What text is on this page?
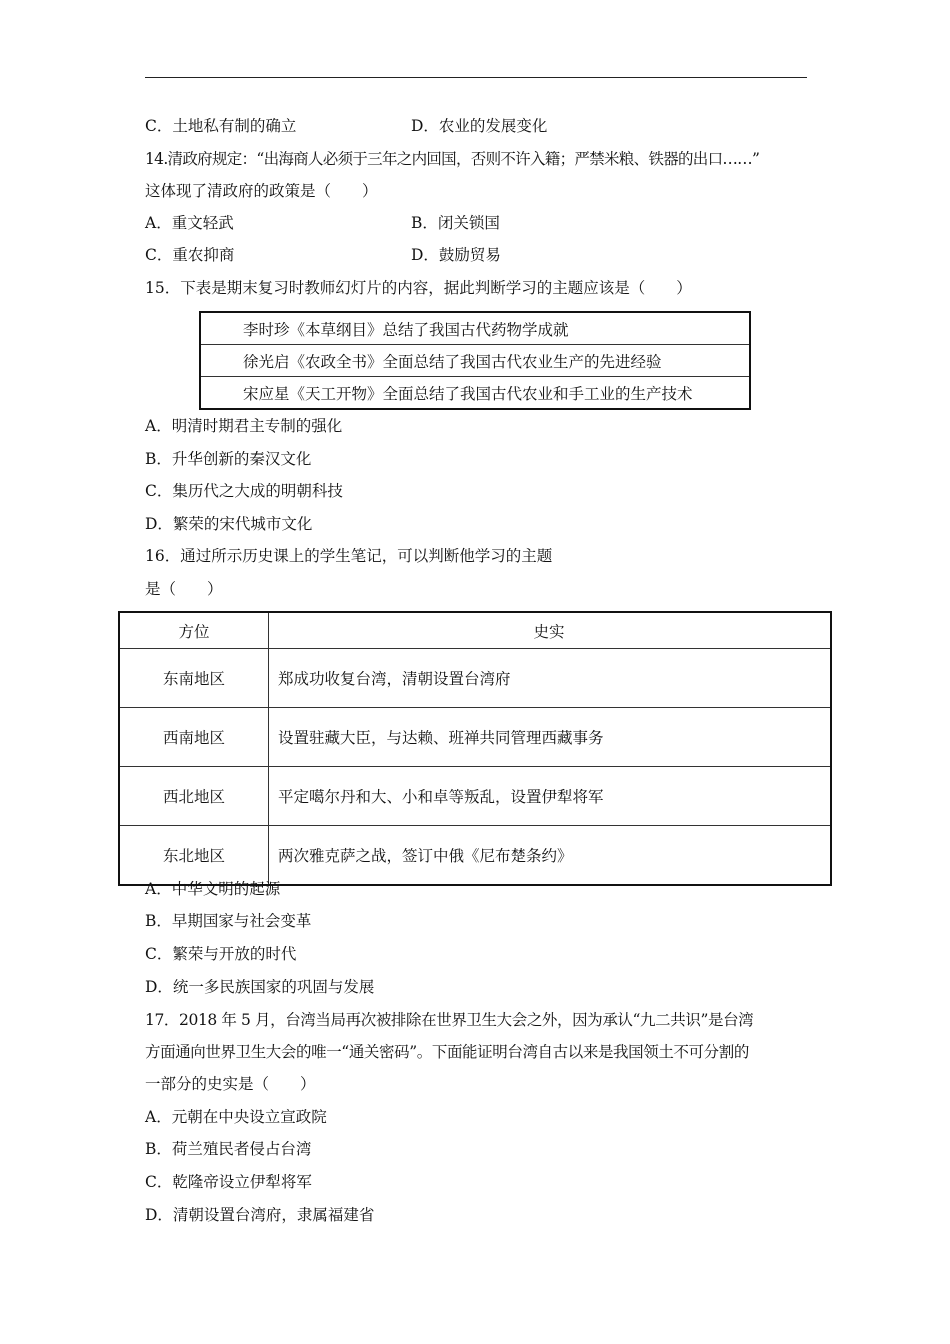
C．土地私有制的确立	D．农业的发展变化
14.清政府规定：“出海商人必须于三年之内回国，否则不许入籍；严禁米粮、铁器的出口……”
这体现了清政府的政策是（　　）
A．重文轻武	B．闭关锁国
C．重农抑商	D．鼓励贸易
15．下表是期末复习时教师幻灯片的内容，据此判断学习的主题应该是（　　）
李时珍《本草纲目》总结了我国古代药物学成就
徐光启《农政全书》全面总结了我国古代农业生产的先进经验
宋应星《天工开物》全面总结了我国古代农业和手工业的生产技术
A．明清时期君主专制的强化
B．升华创新的秦汉文化
C．集历代之大成的明朝科技
D．繁荣的宋代城市文化
16．通过所示历史课上的学生笔记，可以判断他学习的主题
是（　　）
方位	史实
东南地区	郑成功收复台湾，清朝设置台湾府
西南地区	设置驻藏大臣，与达赖、班禅共同管理西藏事务
西北地区	平定噶尔丹和大、小和卓等叛乱，设置伊犁将军
东北地区	两次雅克萨之战，签订中俄《尼布楚条约》
A．中华文明的起源
B．早期国家与社会变革
C．繁荣与开放的时代
D．统一多民族国家的巩固与发展
17．2018 年 5 月，台湾当局再次被排除在世界卫生大会之外，因为承认“九二共识”是台湾
方面通向世界卫生大会的唯一“通关密码”。下面能证明台湾自古以来是我国领土不可分割的
一部分的史实是（　　）
A．元朝在中央设立宣政院
B．荷兰殖民者侵占台湾
C．乾隆帝设立伊犁将军
D．清朝设置台湾府，隶属福建省
